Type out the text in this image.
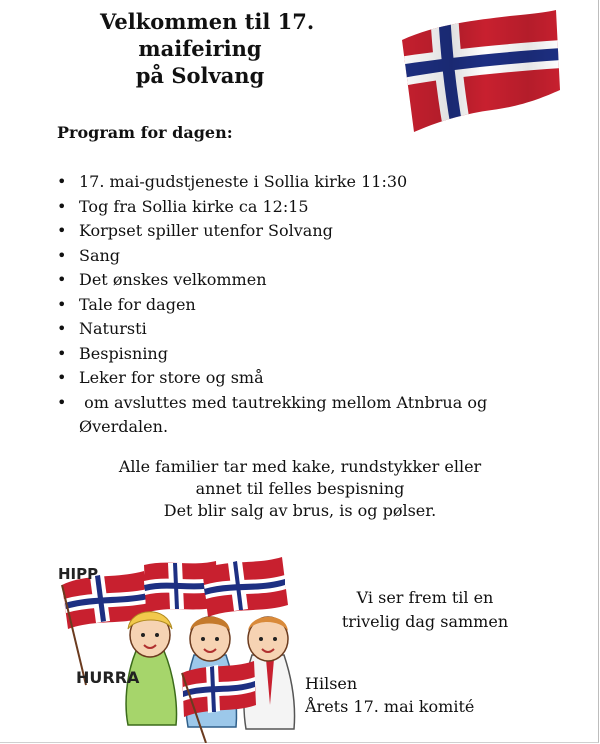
Velkommen til 17.
maifeiring
på Solvang
Program for dagen:
• 17. mai-gudstjeneste i Sollia kirke 11:30
• Tog fra Sollia kirke ca 12:15
• Korpset spiller utenfor Solvang
• Sang
• Det ønskes velkommen
• Tale for dagen
• Natursti
• Bespisning
• Leker for store og små
• om avsluttes med tautrekking mellom Atnbrua og Øverdalen.
Alle familier tar med kake, rundstykker eller
annet til felles bespisning
Det blir salg av brus, is og pølser.
HIPP
HURRA
Vi ser frem til en
trivelig dag sammen
Hilsen
Årets 17. mai komité
